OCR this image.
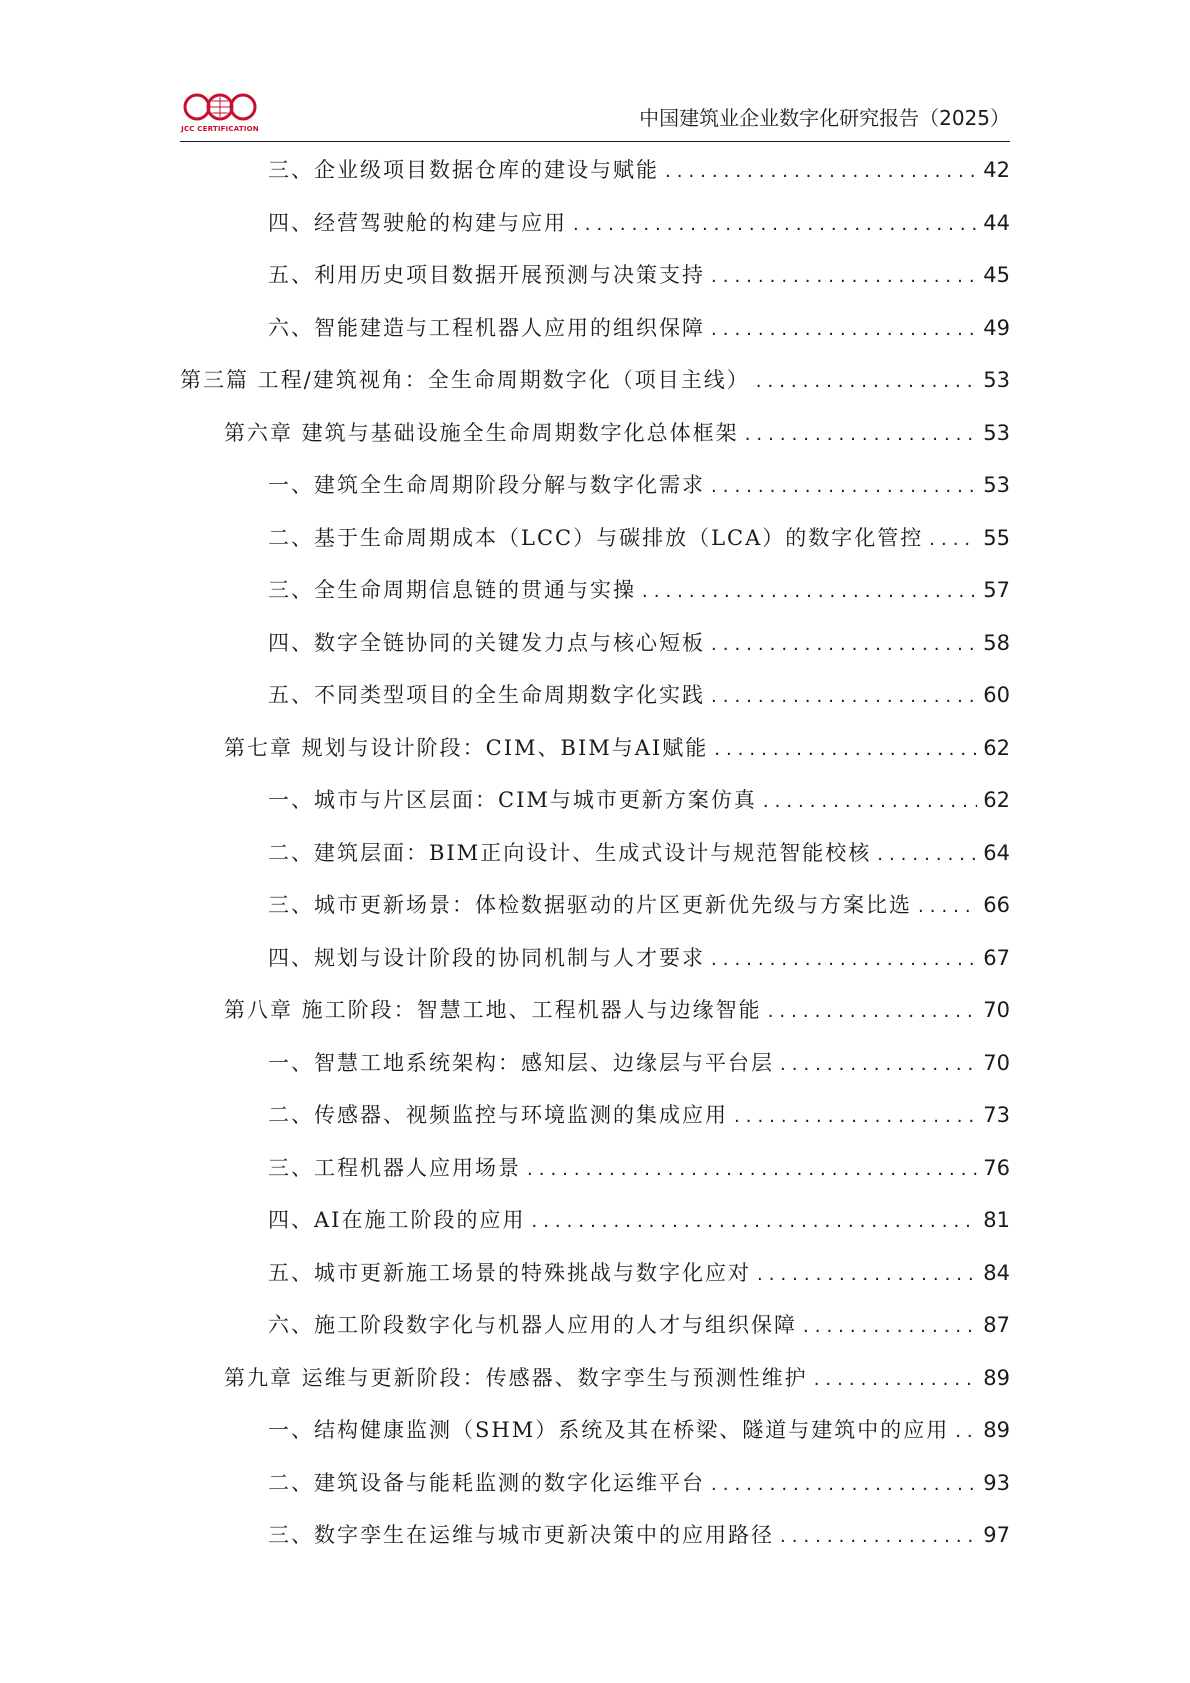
JCC CERTIFICATION	中国建筑业企业数字化研究报告（2025）
三、企业级项目数据仓库的建设与赋能 .....	42
四、经营驾驶舱的构建与应用 .....	44
五、利用历史项目数据开展预测与决策支持 .....	45
六、智能建造与工程机器人应用的组织保障 .....	49
第三篇 工程/建筑视角：全生命周期数字化（项目主线） .....	53
第六章 建筑与基础设施全生命周期数字化总体框架 .....	53
一、建筑全生命周期阶段分解与数字化需求 .....	53
二、基于生命周期成本（LCC）与碳排放（LCA）的数字化管控 .....	55
三、全生命周期信息链的贯通与实操 .....	57
四、数字全链协同的关键发力点与核心短板 .....	58
五、不同类型项目的全生命周期数字化实践 .....	60
第七章 规划与设计阶段：CIM、BIM与AI赋能 .....	62
一、城市与片区层面：CIM与城市更新方案仿真 .....	62
二、建筑层面：BIM正向设计、生成式设计与规范智能校核 .....	64
三、城市更新场景：体检数据驱动的片区更新优先级与方案比选 .....	66
四、规划与设计阶段的协同机制与人才要求 .....	67
第八章 施工阶段：智慧工地、工程机器人与边缘智能 .....	70
一、智慧工地系统架构：感知层、边缘层与平台层 .....	70
二、传感器、视频监控与环境监测的集成应用 .....	73
三、工程机器人应用场景 .....	76
四、AI在施工阶段的应用 .....	81
五、城市更新施工场景的特殊挑战与数字化应对 .....	84
六、施工阶段数字化与机器人应用的人才与组织保障 .....	87
第九章 运维与更新阶段：传感器、数字孪生与预测性维护 .....	89
一、结构健康监测（SHM）系统及其在桥梁、隧道与建筑中的应用 ..... 89
二、建筑设备与能耗监测的数字化运维平台 .....	93
三、数字孪生在运维与城市更新决策中的应用路径 .....	97
